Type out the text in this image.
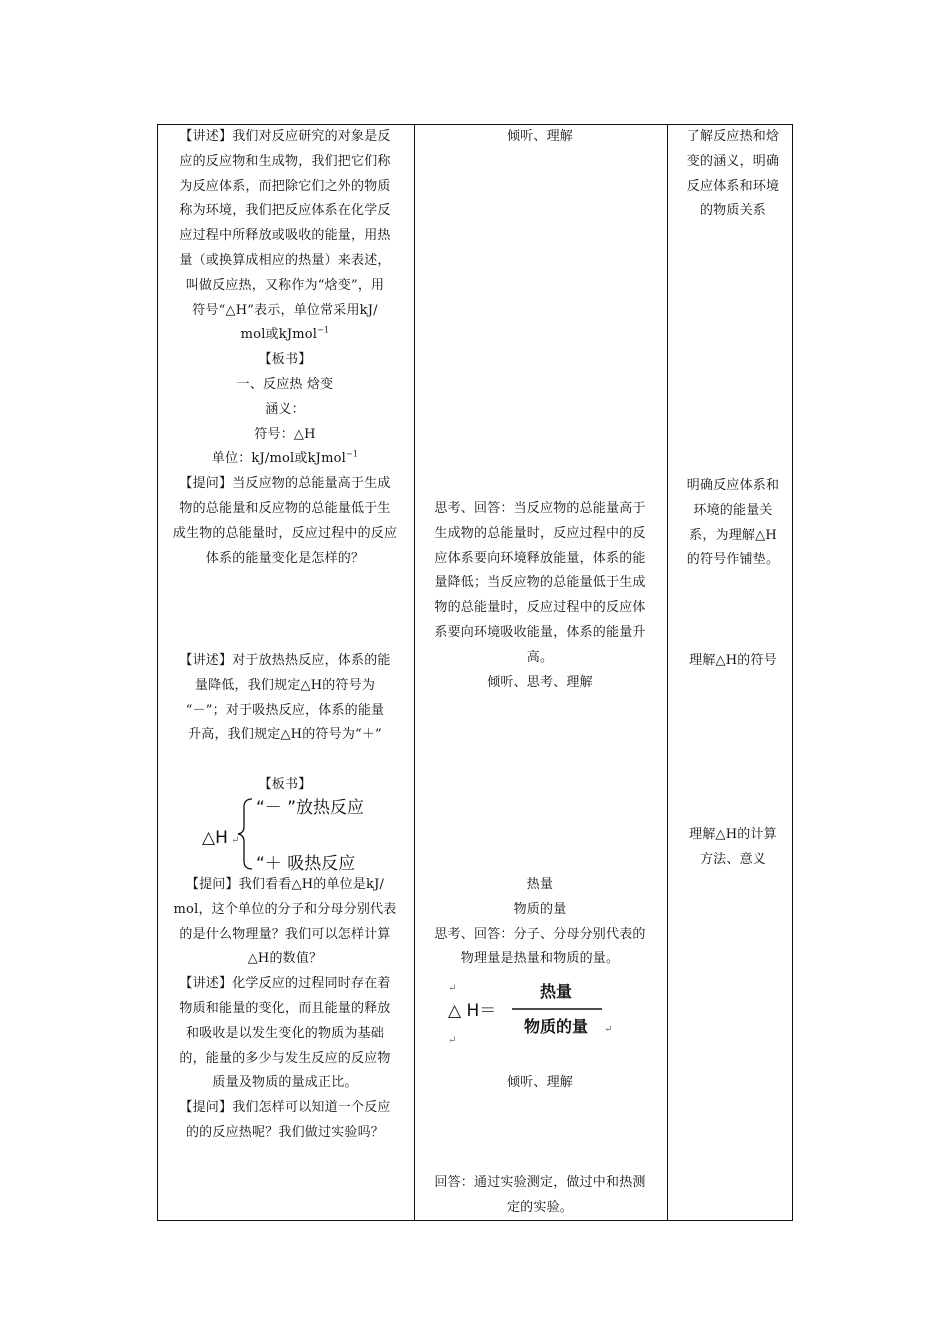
【讲述】我们对反应研究的对象是反
应的反应物和生成物，我们把它们称
为反应体系，而把除它们之外的物质
称为环境，我们把反应体系在化学反
应过程中所释放或吸收的能量，用热
量（或换算成相应的热量）来表述，
叫做反应热，又称作为“焓变”，用
符号“△H”表示，单位常采用kJ/
mol或kJmol$^{-1}$
【板书】
一、反应热 焓变
涵义：
符号：△H
单位：kJ/mol或kJmol$^{-1}$
【提问】当反应物的总能量高于生成
物的总能量和反应物的总能量低于生
成生物的总能量时，反应过程中的反应
体系的能量变化是怎样的？
【讲述】对于放热热反应，体系的能
量降低，我们规定△H的符号为
“－”；对于吸热反应，体系的能量
升高，我们规定△H的符号为“＋”
【板书】
△H ↵
“－ ”放热反应
“＋ 吸热反应
【提问】我们看看△H的单位是kJ/
mol，这个单位的分子和分母分别代表
的是什么物理量？我们可以怎样计算
△H的数值？
【讲述】化学反应的过程同时存在着
物质和能量的变化，而且能量的释放
和吸收是以发生变化的物质为基础
的，能量的多少与发生反应的反应物
质量及物质的量成正比。
【提问】我们怎样可以知道一个反应
的的反应热呢？我们做过实验吗？
倾听、理解
思考、回答：当反应物的总能量高于
生成物的总能量时，反应过程中的反
应体系要向环境释放能量，体系的能
量降低；当反应物的总能量低于生成
物的总能量时，反应过程中的反应体
系要向环境吸收能量，体系的能量升
高。
倾听、思考、理解
热量
物质的量
思考、回答：分子、分母分别代表的
物理量是热量和物质的量。
↵
△ H＝
热量
物质的量 ↵
↵
倾听、理解
回答：通过实验测定，做过中和热测
定的实验。
了解反应热和焓
变的涵义，明确
反应体系和环境
的物质关系
明确反应体系和
环境的能量关
系，为理解△H
的符号作铺垫。
理解△H的符号
理解△H的计算
方法、意义
